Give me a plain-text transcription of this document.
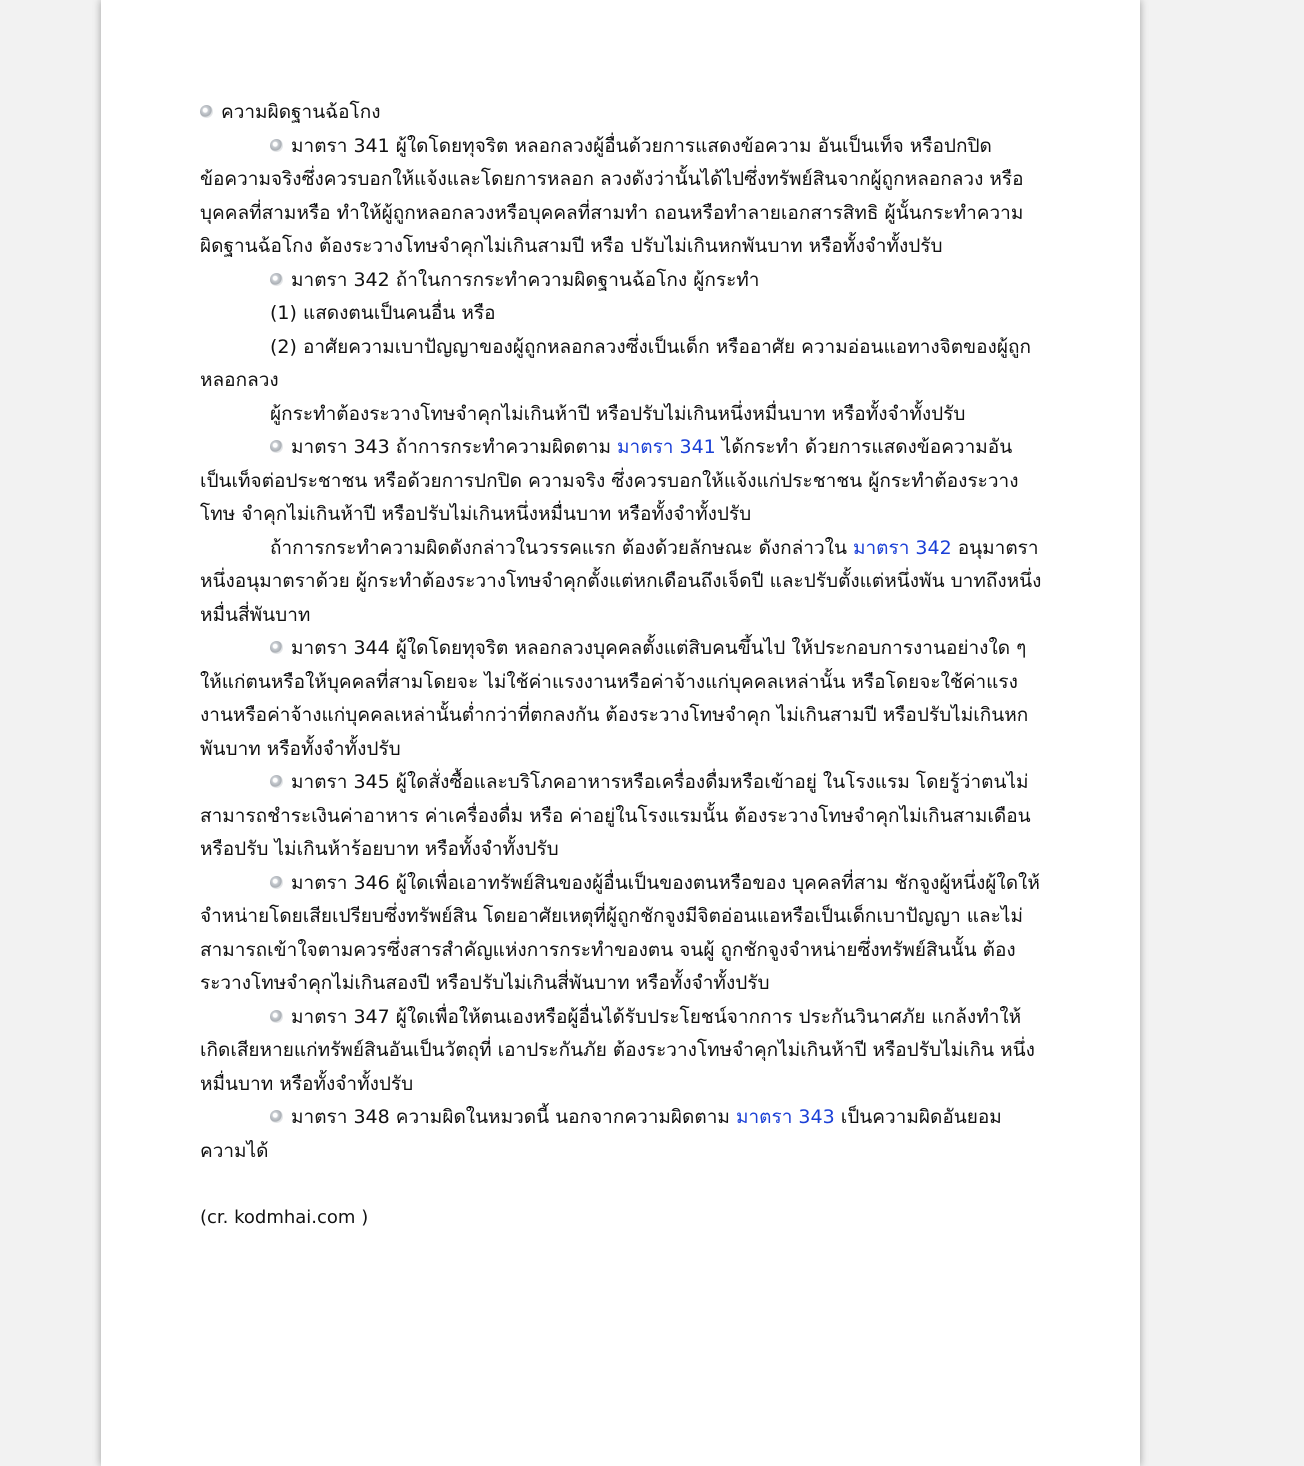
ความผิดฐานฉ้อโกง

มาตรา 341 ผู้ใดโดยทุจริต หลอกลวงผู้อื่นด้วยการแสดงข้อความ อันเป็นเท็จ หรือปกปิดข้อความจริงซึ่งควรบอกให้แจ้งและโดยการหลอก ลวงดังว่านั้นได้ไปซึ่งทรัพย์สินจากผู้ถูกหลอกลวง หรือบุคคลที่สามหรือ ทำให้ผู้ถูกหลอกลวงหรือบุคคลที่สามทำ ถอนหรือทำลายเอกสารสิทธิ ผู้นั้นกระทำความผิดฐานฉ้อโกง ต้องระวางโทษจำคุกไม่เกินสามปี หรือ ปรับไม่เกินหกพันบาท หรือทั้งจำทั้งปรับ

มาตรา 342 ถ้าในการกระทำความผิดฐานฉ้อโกง ผู้กระทำ

(1) แสดงตนเป็นคนอื่น หรือ

(2) อาศัยความเบาปัญญาของผู้ถูกหลอกลวงซึ่งเป็นเด็ก หรืออาศัย ความอ่อนแอทางจิตของผู้ถูกหลอกลวง

ผู้กระทำต้องระวางโทษจำคุกไม่เกินห้าปี หรือปรับไม่เกินหนึ่งหมื่นบาท หรือทั้งจำทั้งปรับ

มาตรา 343 ถ้าการกระทำความผิดตาม มาตรา 341 ได้กระทำ ด้วยการแสดงข้อความอันเป็นเท็จต่อประชาชน หรือด้วยการปกปิด ความจริง ซึ่งควรบอกให้แจ้งแก่ประชาชน ผู้กระทำต้องระวางโทษ จำคุกไม่เกินห้าปี หรือปรับไม่เกินหนึ่งหมื่นบาท หรือทั้งจำทั้งปรับ

ถ้าการกระทำความผิดดังกล่าวในวรรคแรก ต้องด้วยลักษณะ ดังกล่าวใน มาตรา 342 อนุมาตราหนึ่งอนุมาตราด้วย ผู้กระทำต้องระวางโทษจำคุกตั้งแต่หกเดือนถึงเจ็ดปี และปรับตั้งแต่หนึ่งพัน บาทถึงหนึ่งหมื่นสี่พันบาท

มาตรา 344 ผู้ใดโดยทุจริต หลอกลวงบุคคลตั้งแต่สิบคนขึ้นไป ให้ประกอบการงานอย่างใด ๆ ให้แก่ตนหรือให้บุคคลที่สามโดยจะ ไม่ใช้ค่าแรงงานหรือค่าจ้างแก่บุคคลเหล่านั้น หรือโดยจะใช้ค่าแรงงานหรือค่าจ้างแก่บุคคลเหล่านั้นต่ำกว่าที่ตกลงกัน ต้องระวางโทษจำคุก ไม่เกินสามปี หรือปรับไม่เกินหกพันบาท หรือทั้งจำทั้งปรับ

มาตรา 345 ผู้ใดสั่งซื้อและบริโภคอาหารหรือเครื่องดื่มหรือเข้าอยู่ ในโรงแรม โดยรู้ว่าตนไม่สามารถชำระเงินค่าอาหาร ค่าเครื่องดื่ม หรือ ค่าอยู่ในโรงแรมนั้น ต้องระวางโทษจำคุกไม่เกินสามเดือนหรือปรับ ไม่เกินห้าร้อยบาท หรือทั้งจำทั้งปรับ

มาตรา 346 ผู้ใดเพื่อเอาทรัพย์สินของผู้อื่นเป็นของตนหรือของ บุคคลที่สาม ชักจูงผู้หนึ่งผู้ใดให้จำหน่ายโดยเสียเปรียบซึ่งทรัพย์สิน โดยอาศัยเหตุที่ผู้ถูกชักจูงมีจิตอ่อนแอหรือเป็นเด็กเบาปัญญา และไม่สามารถเข้าใจตามควรซึ่งสารสำคัญแห่งการกระทำของตน จนผู้ ถูกชักจูงจำหน่ายซึ่งทรัพย์สินนั้น ต้องระวางโทษจำคุกไม่เกินสองปี หรือปรับไม่เกินสี่พันบาท หรือทั้งจำทั้งปรับ

มาตรา 347 ผู้ใดเพื่อให้ตนเองหรือผู้อื่นได้รับประโยชน์จากการ ประกันวินาศภัย แกล้งทำให้เกิดเสียหายแก่ทรัพย์สินอันเป็นวัตถุที่ เอาประกันภัย ต้องระวางโทษจำคุกไม่เกินห้าปี หรือปรับไม่เกิน หนึ่งหมื่นบาท หรือทั้งจำทั้งปรับ

มาตรา 348 ความผิดในหมวดนี้ นอกจากความผิดตาม มาตรา 343 เป็นความผิดอันยอมความได้

(cr. kodmhai.com )
